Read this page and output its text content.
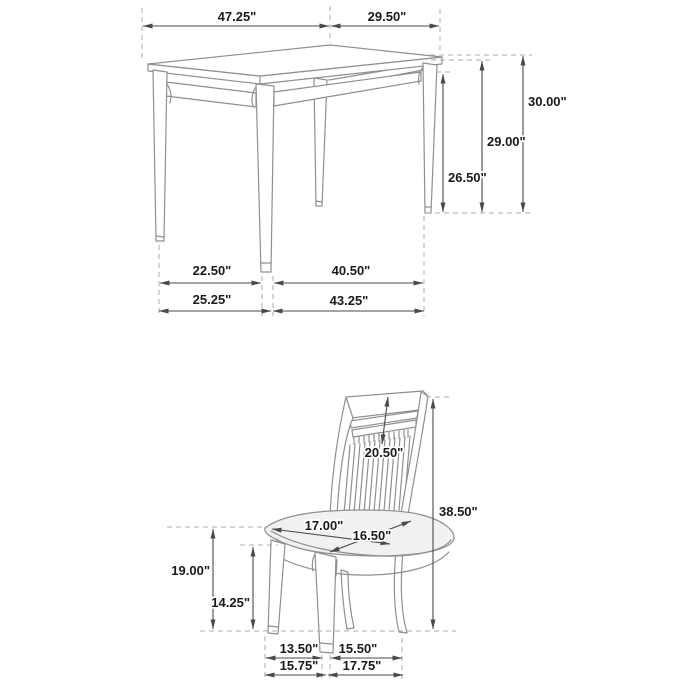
47.25"	29.50"
30.00"
29.00"
26.50"
22.50"	40.50"
25.25"	43.25"
20.50"
38.50"
17.00"
16.50"
19.00"
14.25"
13.50" 15.50"
15.75" 17.75"
